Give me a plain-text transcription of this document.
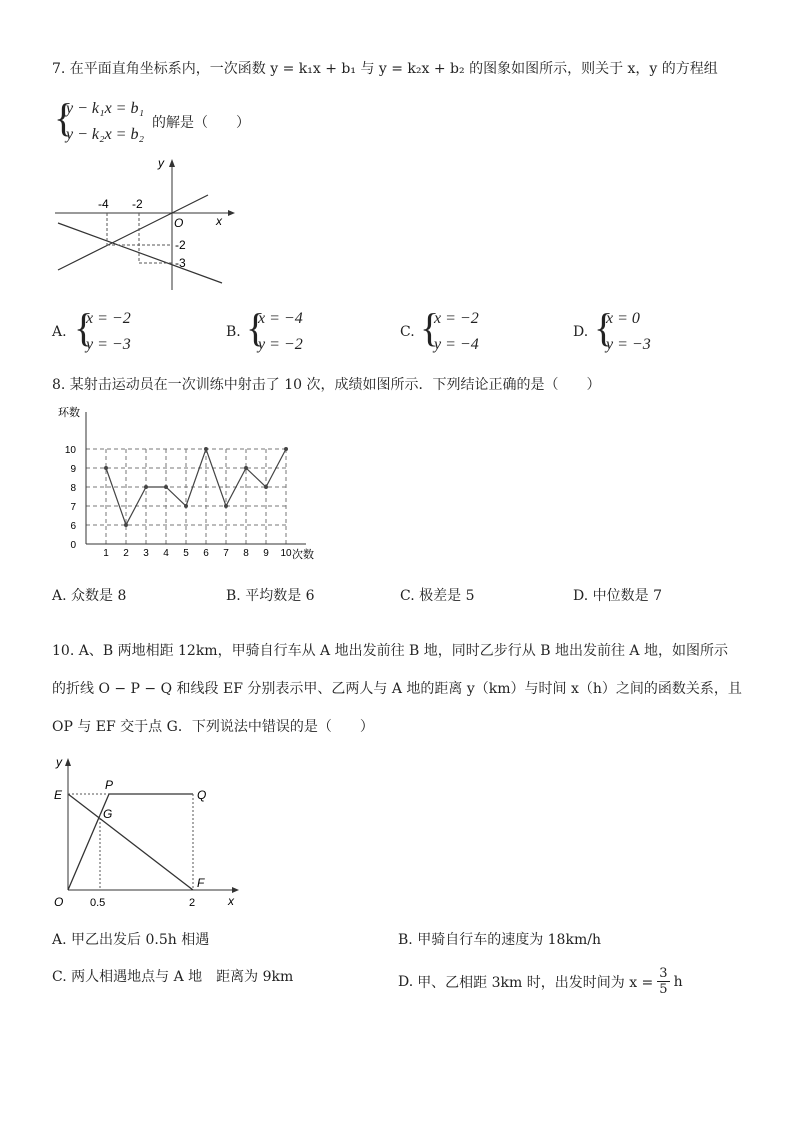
7. 在平面直角坐标系内，一次函数 y = k₁x + b₁ 与 y = k₂x + b₂ 的图象如图所示，则关于 x，y 的方程组
{
y − k₁x = b₁
y − k₂x = b₂
的解是（　　）
y
x
O
-4 -2
-2
-3
A. {
x = −2
y = −3
B. {
x = −4
y = −2
C. {
x = −2
y = −4
D. {
x = 0
y = −3
8. 某射击运动员在一次训练中射击了 10 次，成绩如图所示．下列结论正确的是（　　）
0
6
7
8
9
10
1 2 3 4 5 6 7 8 9 10
环数
次数
A. 众数是 8	B. 平均数是 6	C. 极差是 5	D. 中位数是 7
10. A、B 两地相距 12km，甲骑自行车从 A 地出发前往 B 地，同时乙步行从 B 地出发前往 A 地，如图所示
的折线 O − P − Q 和线段 EF 分别表示甲、乙两人与 A 地的距离 y（km）与时间 x（h）之间的函数关系，且
OP 与 EF 交于点 G．下列说法中错误的是（　　）
y
x
O
E
P
Q
G
F
0.5	2
A. 甲乙出发后 0.5h 相遇	B. 甲骑自行车的速度为 18km/h
C. 两人相遇地点与 A 地　距离为 9km	D. 甲、乙相距 3km 时，出发时间为 $x = \frac{3}{5}$ h
